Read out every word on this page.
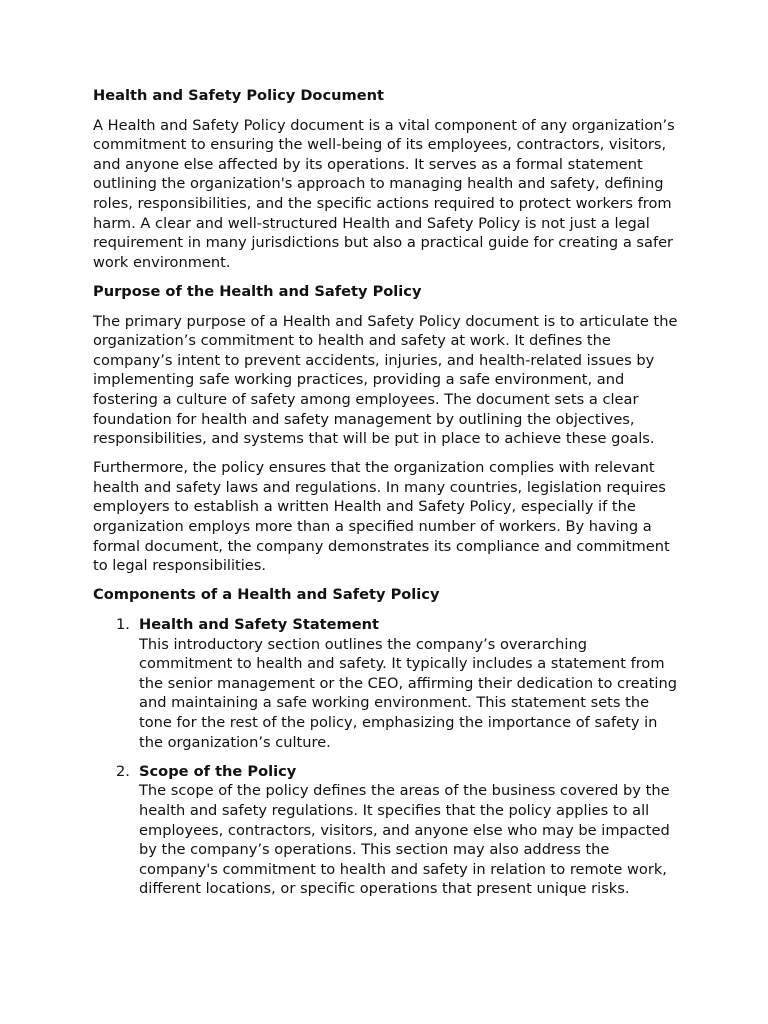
Health and Safety Policy Document

A Health and Safety Policy document is a vital component of any organization’s commitment to ensuring the well-being of its employees, contractors, visitors, and anyone else affected by its operations. It serves as a formal statement outlining the organization's approach to managing health and safety, defining roles, responsibilities, and the specific actions required to protect workers from harm. A clear and well-structured Health and Safety Policy is not just a legal requirement in many jurisdictions but also a practical guide for creating a safer work environment.

Purpose of the Health and Safety Policy

The primary purpose of a Health and Safety Policy document is to articulate the organization’s commitment to health and safety at work. It defines the company’s intent to prevent accidents, injuries, and health-related issues by implementing safe working practices, providing a safe environment, and fostering a culture of safety among employees. The document sets a clear foundation for health and safety management by outlining the objectives, responsibilities, and systems that will be put in place to achieve these goals.

Furthermore, the policy ensures that the organization complies with relevant health and safety laws and regulations. In many countries, legislation requires employers to establish a written Health and Safety Policy, especially if the organization employs more than a specified number of workers. By having a formal document, the company demonstrates its compliance and commitment to legal responsibilities.

Components of a Health and Safety Policy
1. Health and Safety Statement
This introductory section outlines the company’s overarching commitment to health and safety. It typically includes a statement from the senior management or the CEO, affirming their dedication to creating and maintaining a safe working environment. This statement sets the tone for the rest of the policy, emphasizing the importance of safety in the organization’s culture.
2. Scope of the Policy
The scope of the policy defines the areas of the business covered by the health and safety regulations. It specifies that the policy applies to all employees, contractors, visitors, and anyone else who may be impacted by the company’s operations. This section may also address the company's commitment to health and safety in relation to remote work, different locations, or specific operations that present unique risks.
